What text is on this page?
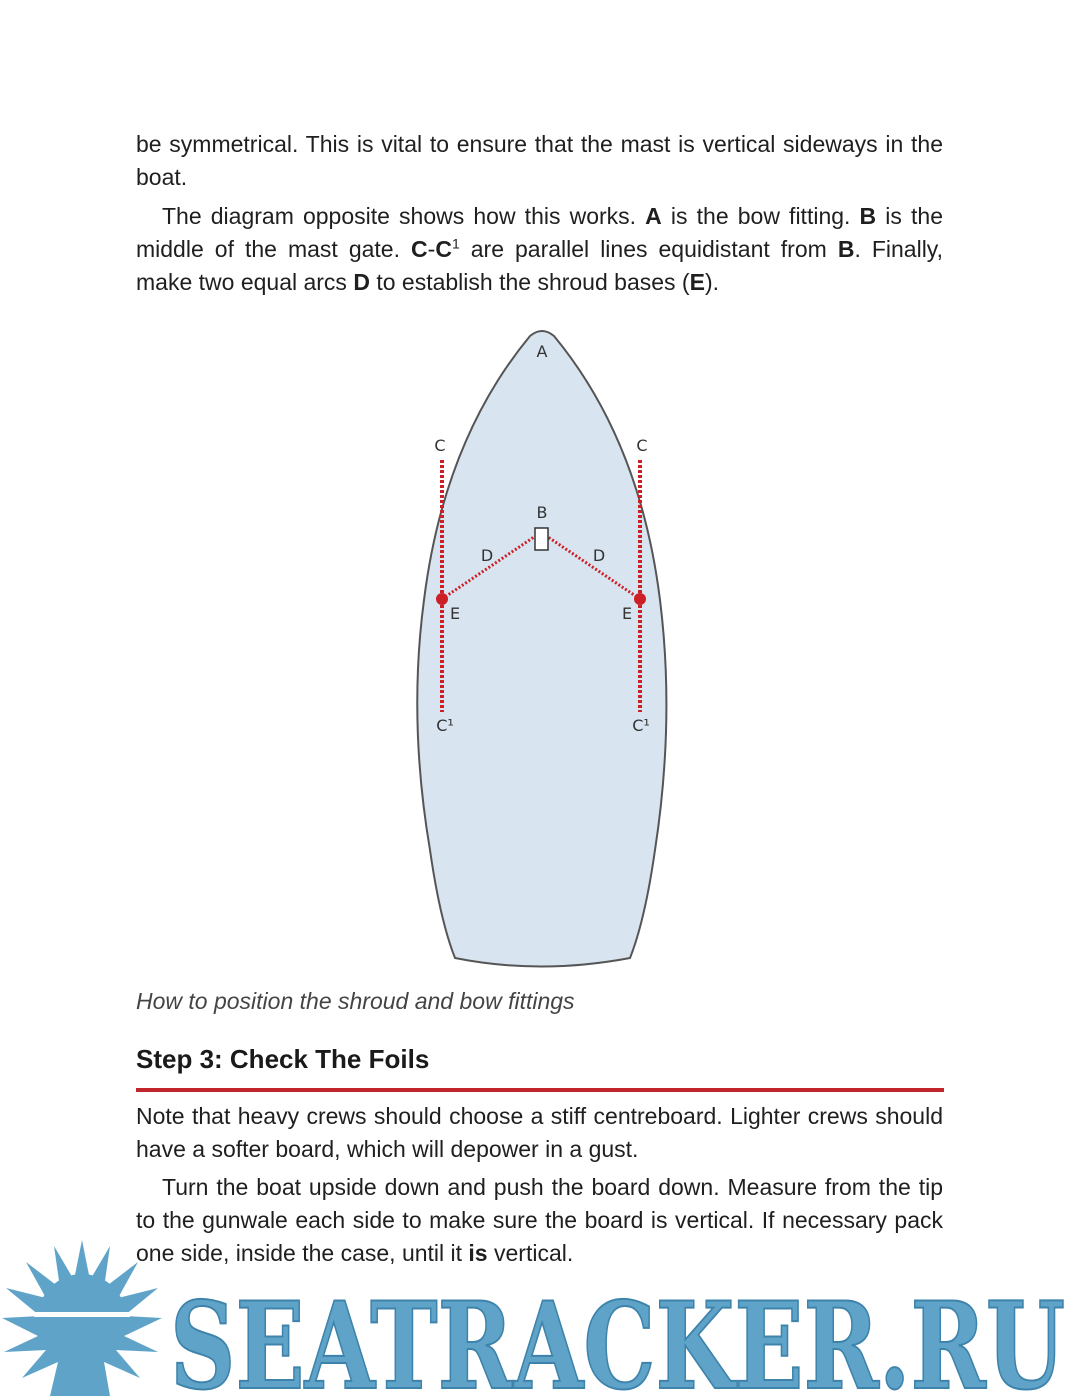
be symmetrical. This is vital to ensure that the mast is vertical sideways in the boat.

The diagram opposite shows how this works. A is the bow fitting. B is the middle of the mast gate. $C-C^1$ are parallel lines equidistant from B. Finally, make two equal arcs D to establish the shroud bases (E).

A
B
C	C
C¹	C¹
D	D
E	E

How to position the shroud and bow fittings

Step 3: Check The Foils

Note that heavy crews should choose a stiff centreboard. Lighter crews should have a softer board, which will depower in a gust.

Turn the boat upside down and push the board down. Measure from the tip to the gunwale each side to make sure the board is vertical. If necessary pack one side, inside the case, until it is vertical.

SEATRACKER.RU
